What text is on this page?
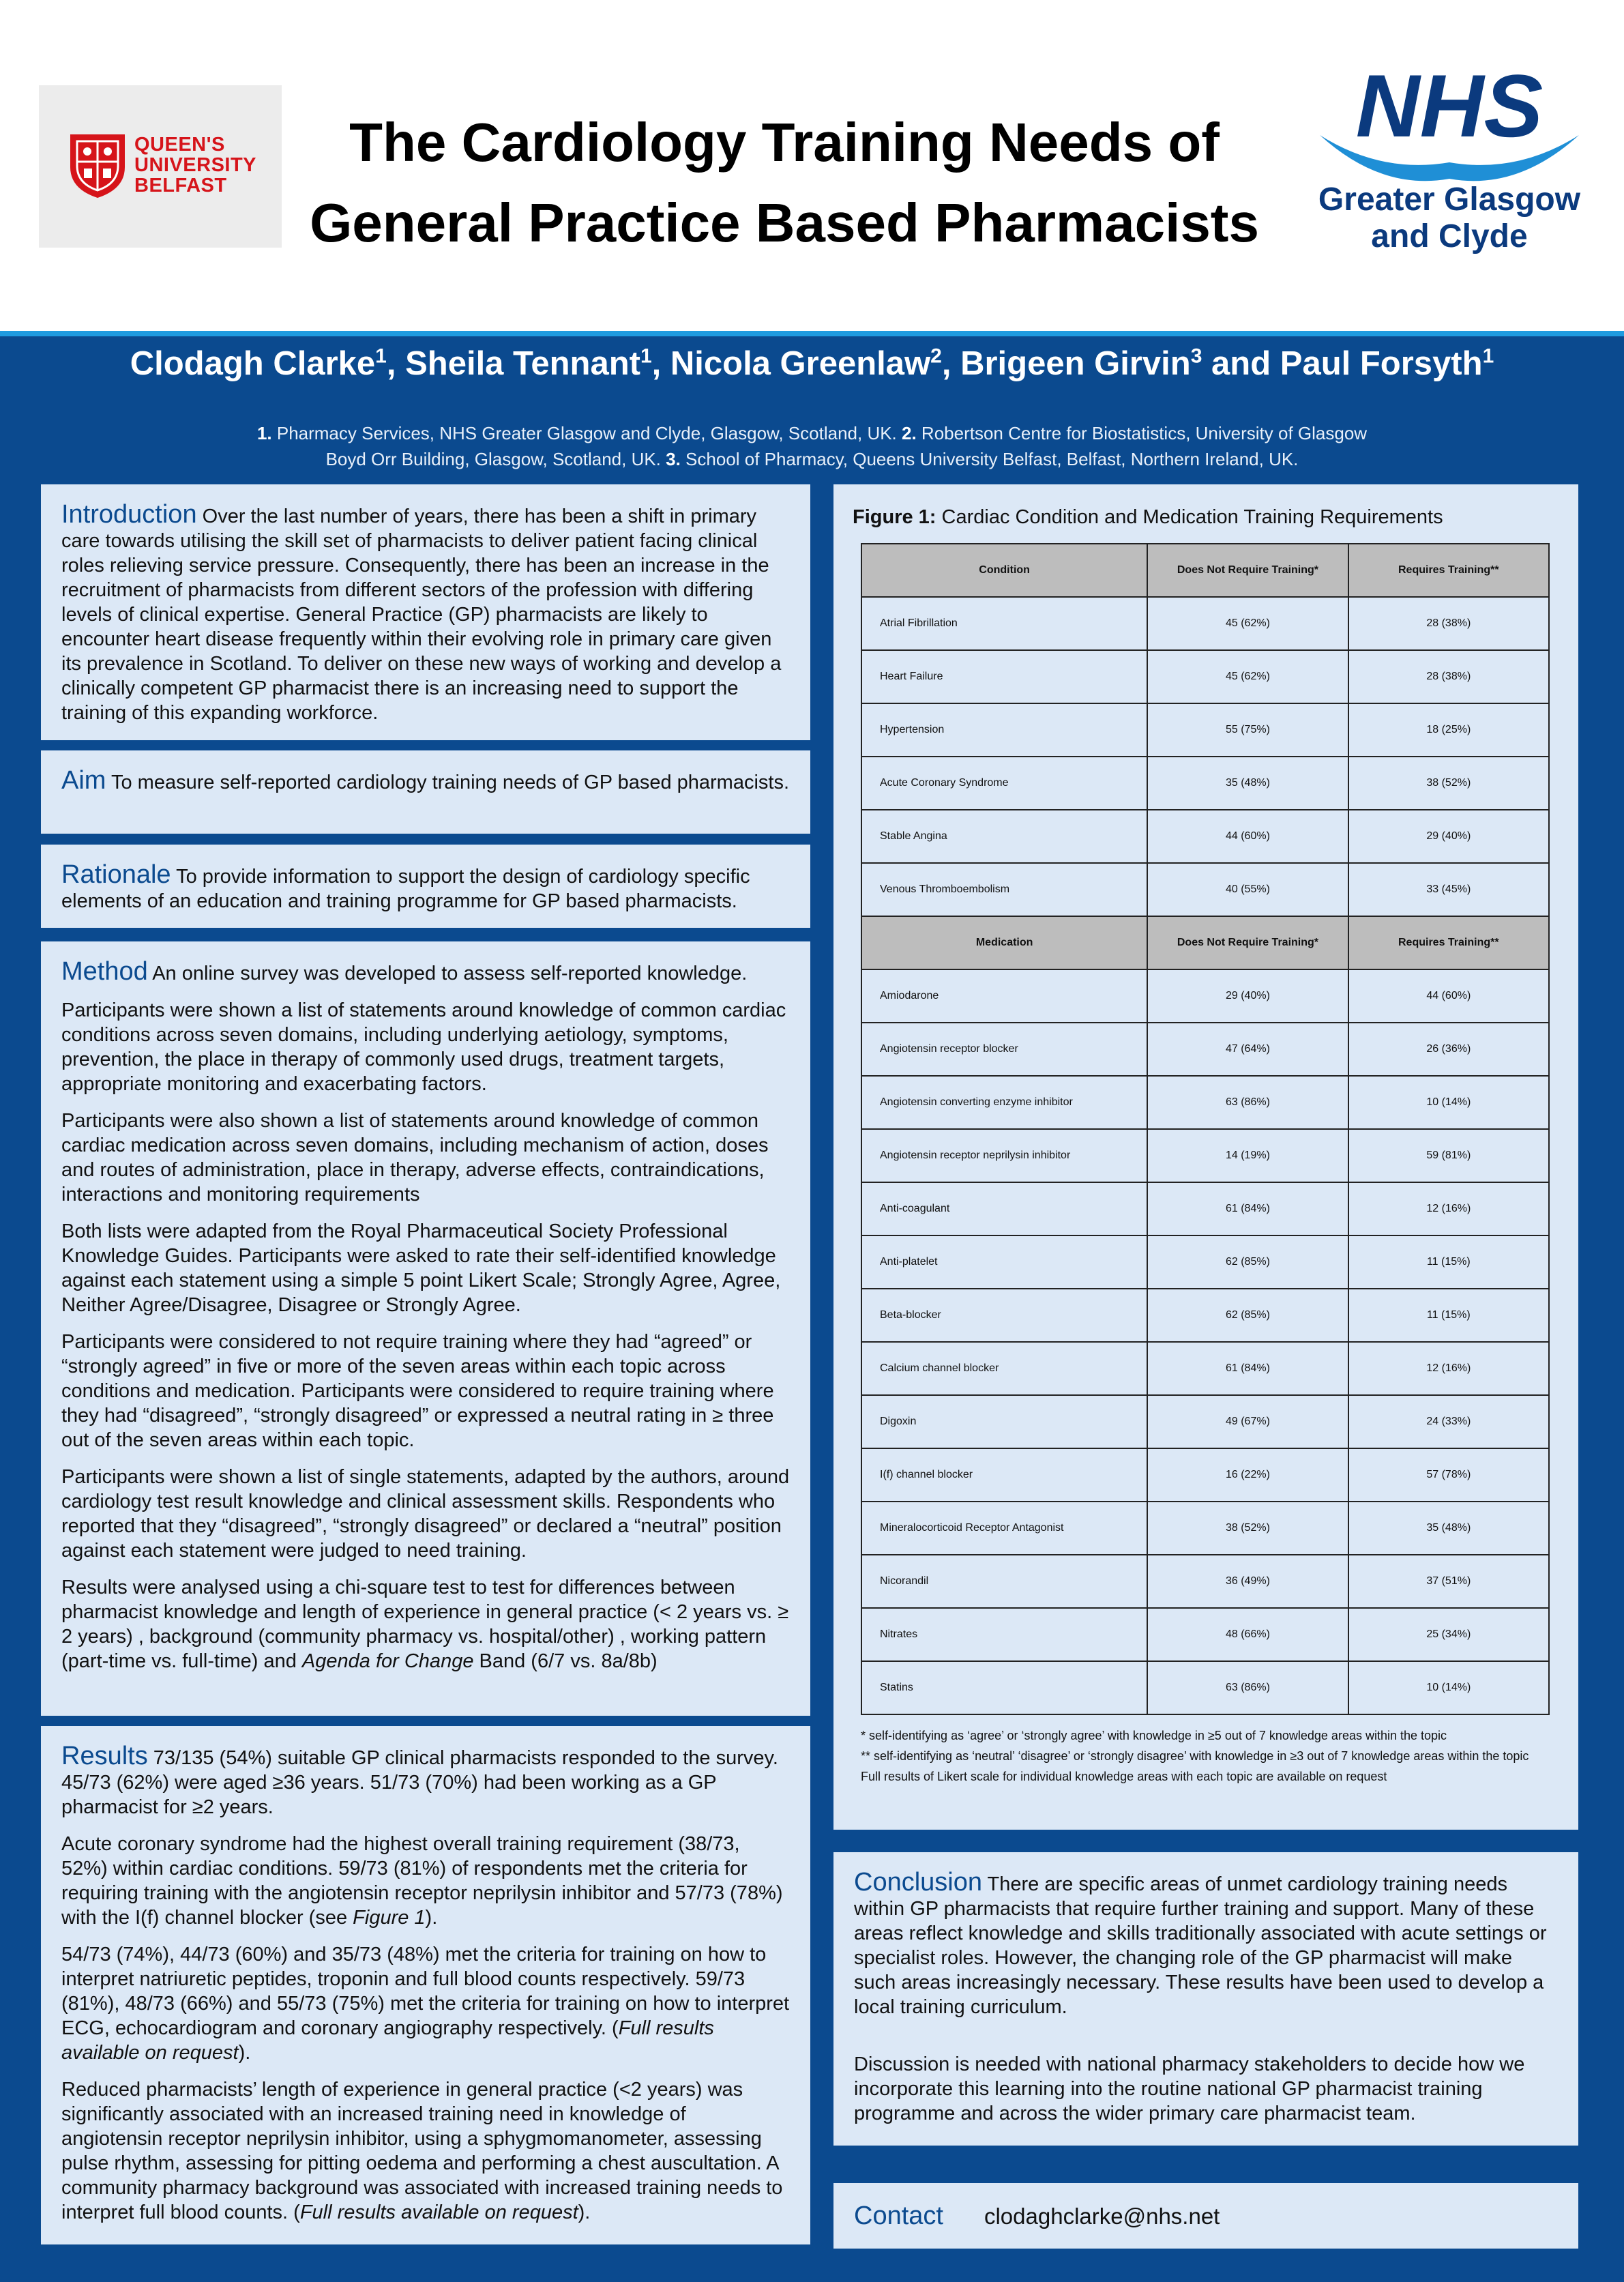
QUEEN'S
UNIVERSITY
BELFAST
The Cardiology Training Needs of
General Practice Based Pharmacists
NHS
Greater Glasgow
and Clyde
Clodagh Clarke$^1$, Sheila Tennant$^1$, Nicola Greenlaw$^2$, Brigeen Girvin$^3$ and Paul Forsyth$^1$
1. Pharmacy Services, NHS Greater Glasgow and Clyde, Glasgow, Scotland, UK. 2. Robertson Centre for Biostatistics, University of Glasgow
Boyd Orr Building, Glasgow, Scotland, UK. 3. School of Pharmacy, Queens University Belfast, Belfast, Northern Ireland, UK.

Introduction Over the last number of years, there has been a shift in primary care towards utilising the skill set of pharmacists to deliver patient facing clinical roles relieving service pressure. Consequently, there has been an increase in the recruitment of pharmacists from different sectors of the profession with differing levels of clinical expertise. General Practice (GP) pharmacists are likely to encounter heart disease frequently within their evolving role in primary care given its prevalence in Scotland. To deliver on these new ways of working and develop a clinically competent GP pharmacist there is an increasing need to support the training of this expanding workforce.

Aim To measure self-reported cardiology training needs of GP based pharmacists.

Rationale To provide information to support the design of cardiology specific elements of an education and training programme for GP based pharmacists.

Method An online survey was developed to assess self-reported knowledge.

Participants were shown a list of statements around knowledge of common cardiac conditions across seven domains, including underlying aetiology, symptoms, prevention, the place in therapy of commonly used drugs, treatment targets, appropriate monitoring and exacerbating factors.

Participants were also shown a list of statements around knowledge of common cardiac medication across seven domains, including mechanism of action, doses and routes of administration, place in therapy, adverse effects, contraindications, interactions and monitoring requirements

Both lists were adapted from the Royal Pharmaceutical Society Professional Knowledge Guides. Participants were asked to rate their self-identified knowledge against each statement using a simple 5 point Likert Scale; Strongly Agree, Agree, Neither Agree/Disagree, Disagree or Strongly Agree.

Participants were considered to not require training where they had “agreed” or “strongly agreed” in five or more of the seven areas within each topic across conditions and medication. Participants were considered to require training where they had “disagreed”, “strongly disagreed” or expressed a neutral rating in ≥ three out of the seven areas within each topic.

Participants were shown a list of single statements, adapted by the authors, around cardiology test result knowledge and clinical assessment skills. Respondents who reported that they “disagreed”, “strongly disagreed” or declared a “neutral” position against each statement were judged to need training.

Results were analysed using a chi-square test to test for differences between pharmacist knowledge and length of experience in general practice (< 2 years vs. ≥ 2 years) , background (community pharmacy vs. hospital/other) , working pattern (part-time vs. full-time) and Agenda for Change Band (6/7 vs. 8a/8b)

Results 73/135 (54%) suitable GP clinical pharmacists responded to the survey. 45/73 (62%) were aged ≥36 years. 51/73 (70%) had been working as a GP pharmacist for ≥2 years.

Acute coronary syndrome had the highest overall training requirement (38/73, 52%) within cardiac conditions. 59/73 (81%) of respondents met the criteria for requiring training with the angiotensin receptor neprilysin inhibitor and 57/73 (78%) with the I(f) channel blocker (see Figure 1).

54/73 (74%), 44/73 (60%) and 35/73 (48%) met the criteria for training on how to interpret natriuretic peptides, troponin and full blood counts respectively. 59/73 (81%), 48/73 (66%) and 55/73 (75%) met the criteria for training on how to interpret ECG, echocardiogram and coronary angiography respectively. (Full results available on request).

Reduced pharmacists’ length of experience in general practice (<2 years) was significantly associated with an increased training need in knowledge of angiotensin receptor neprilysin inhibitor, using a sphygmomanometer, assessing pulse rhythm, assessing for pitting oedema and performing a chest auscultation. A community pharmacy background was associated with increased training needs to interpret full blood counts. (Full results available on request).

Figure 1: Cardiac Condition and Medication Training Requirements
Condition	Does Not Require Training*	Requires Training**
Atrial Fibrillation	45 (62%)	28 (38%)
Heart Failure	45 (62%)	28 (38%)
Hypertension	55 (75%)	18 (25%)
Acute Coronary Syndrome	35 (48%)	38 (52%)
Stable Angina	44 (60%)	29 (40%)
Venous Thromboembolism	40 (55%)	33 (45%)
Medication	Does Not Require Training*	Requires Training**
Amiodarone	29 (40%)	44 (60%)
Angiotensin receptor blocker	47 (64%)	26 (36%)
Angiotensin converting enzyme inhibitor	63 (86%)	10 (14%)
Angiotensin receptor neprilysin inhibitor	14 (19%)	59 (81%)
Anti-coagulant	61 (84%)	12 (16%)
Anti-platelet	62 (85%)	11 (15%)
Beta-blocker	62 (85%)	11 (15%)
Calcium channel blocker	61 (84%)	12 (16%)
Digoxin	49 (67%)	24 (33%)
I(f) channel blocker	16 (22%)	57 (78%)
Mineralocorticoid Receptor Antagonist	38 (52%)	35 (48%)
Nicorandil	36 (49%)	37 (51%)
Nitrates	48 (66%)	25 (34%)
Statins	63 (86%)	10 (14%)
* self-identifying as ‘agree’ or ‘strongly agree’ with knowledge in ≥5 out of 7 knowledge areas within the topic
** self-identifying as ‘neutral’ ‘disagree’ or ‘strongly disagree’ with knowledge in ≥3 out of 7 knowledge areas within the topic
Full results of Likert scale for individual knowledge areas with each topic are available on request

Conclusion There are specific areas of unmet cardiology training needs within GP pharmacists that require further training and support. Many of these areas reflect knowledge and skills traditionally associated with acute settings or specialist roles. However, the changing role of the GP pharmacist will make such areas increasingly necessary. These results have been used to develop a local training curriculum.

Discussion is needed with national pharmacy stakeholders to decide how we incorporate this learning into the routine national GP pharmacist training programme and across the wider primary care pharmacist team.

Contact clodaghclarke@nhs.net
